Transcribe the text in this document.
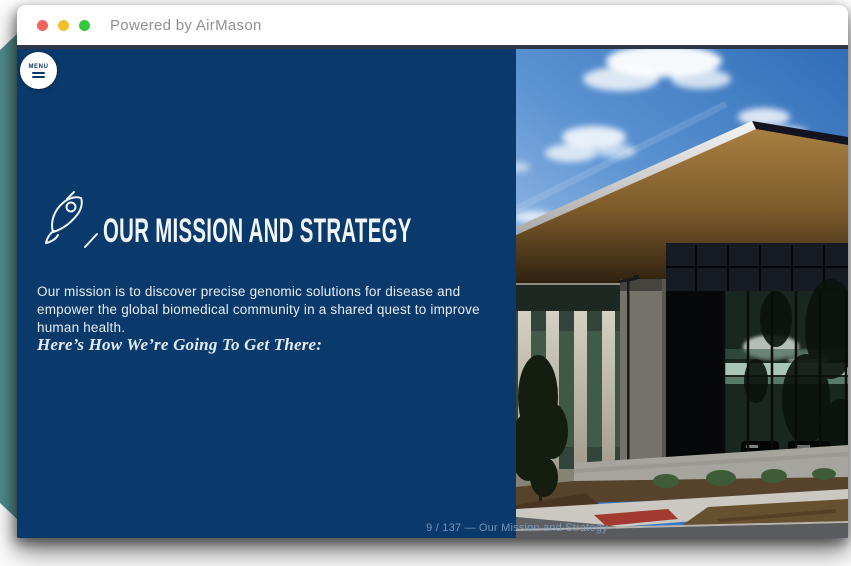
Powered by AirMason
MENU
OUR MISSION AND STRATEGY

Our mission is to discover precise genomic solutions for disease and empower the global biomedical community in a shared quest to improve human health.

Here’s How We’re Going To Get There:

9 / 137 — Our Mission and Strategy
